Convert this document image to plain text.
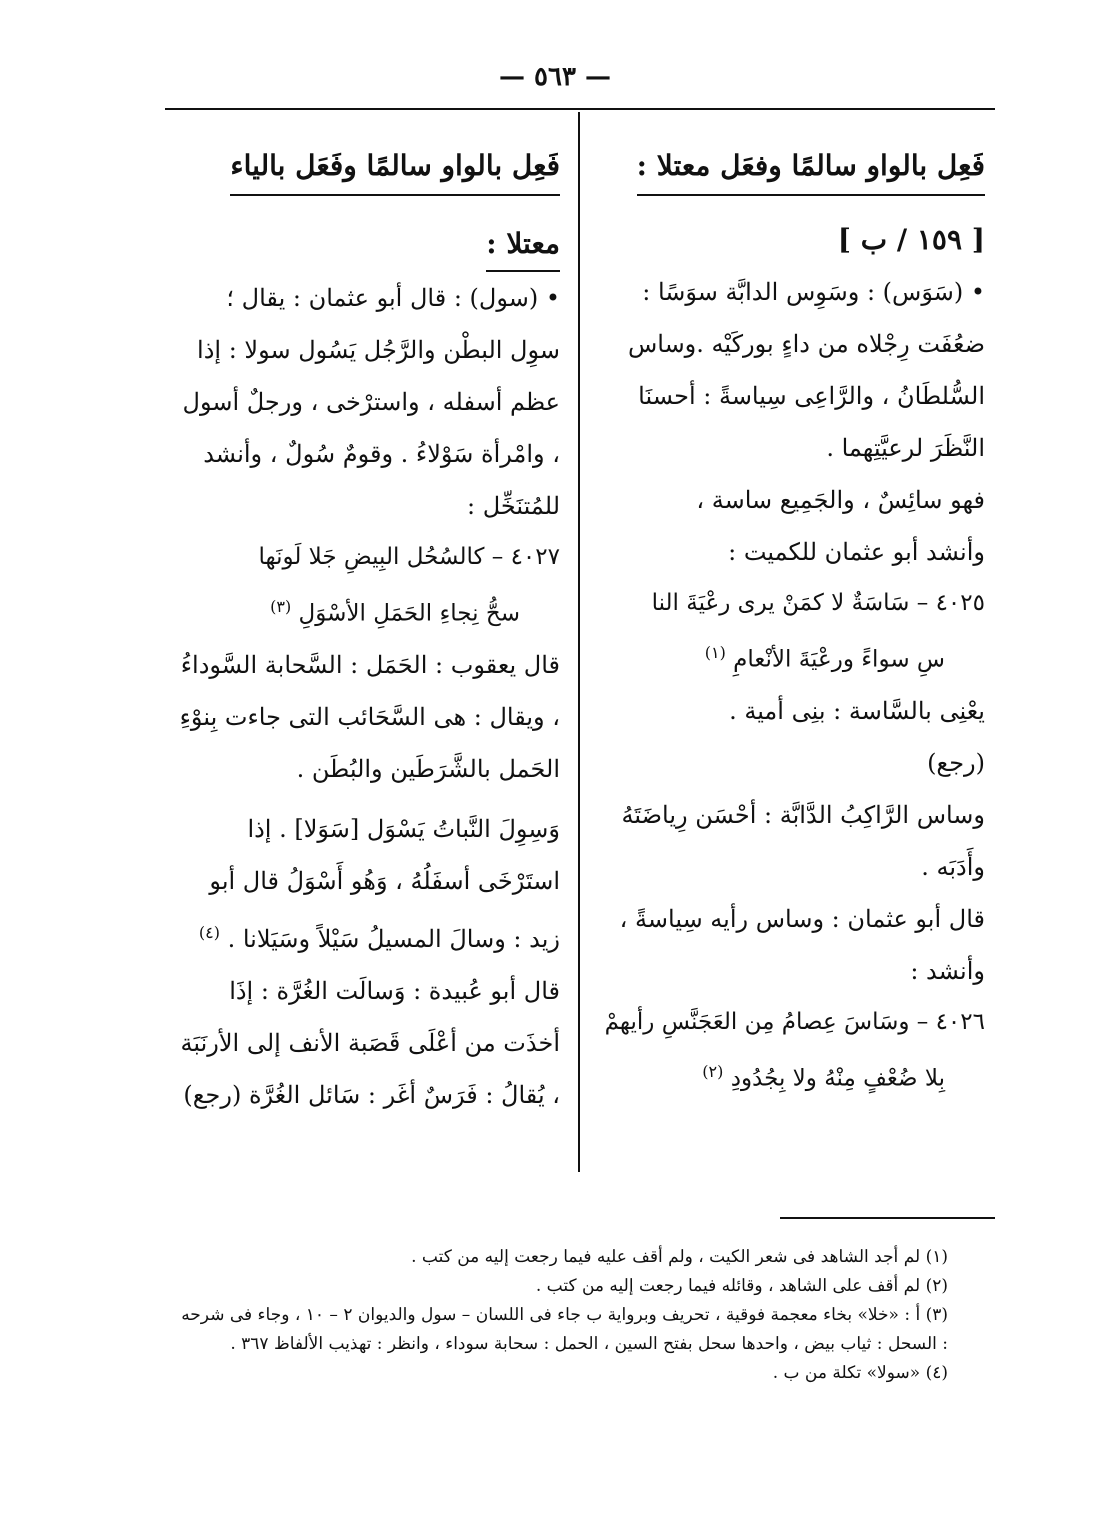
— ٥٦٣ —
فَعِل بالواو سالمًا وفعَل معتلا :
[ ١٥٩ / ب ]

• (سَوَس) : وسَوِس الدابَّة سوَسًا : ضعُفَت رِجْلاه من داءٍ بوركَيْه .وساس السُّلطَانُ ، والرَّاعِى سِياسةً : أحسنَا النَّظَرَ لرعيَّتِهما .

فهو سائِسٌ ، والجَمِيع ساسة ،

وأنشد أبو عثمان للكميت :

٤٠٢٥ – سَاسَةٌ لا كمَنْ يرى رعْيَةَ النا
سِ سواءً ورعْيَةَ الأنْعامِ $^{(١)}$

يعْنِى بالسَّاسة : بنِى أمية .

(رجع)

وساس الرَّاكِبُ الدَّابَّة : أحْسَن رِياضَتَهُ وأَدَبَه .

قال أبو عثمان : وساس رأيه سِياسةً ، وأنشد :

٤٠٢٦ – وسَاسَ عِصامُ مِن العَجَنَّسِ رأيهمْ
بِلا ضُعْفٍ مِنْهُ ولا بِجُدُودِ $^{(٢)}$
فَعِل بالواو سالمًا وفَعَل بالياء
معتلا :

• (سول) : قال أبو عثمان : يقال ؛ سوِل البطْن والرَّجُل يَسُول سولا : إذا عظم أسفله ، واسترْخى ، ورجلٌ أسول ، وامْرأة سَوْلاءُ . وقومٌ سُولٌ ، وأنشد للمُتنَخِّل :

٤٠٢٧ – كالسُحُل البِيضِ جَلا لَونَها
سحُّ نِجاءِ الحَمَلِ الأسْوَلِ $^{(٣)}$

قال يعقوب : الحَمَل : السَّحابة السَّوداءُ ، ويقال : هى السَّحَائب التى جاءت بِنوْءِ الحَمل بالشَّرَطَين والبُطَن .

وَسِوِلَ النَّباتُ يَسْوَل [سَوَلا] . إذا استَرْخَى أسفَلُهُ ، وَهُو أَسْوَلُ قال أبو زيد : وسالَ المسيلُ سَيْلاً وسَيَلانا . $^{(٤)}$

قال أبو عُبيدة : وَسالَت الغُرَّة : إذَا أخذَت من أعْلَى قَصَبة الأنف إلى الأرنَبَة ، يُقالُ : فَرَسٌ أغَر : سَائل الغُرَّة (رجع)

(١) لم أجد الشاهد فى شعر الكيت ، ولم أقف عليه فيما رجعت إليه من كتب .

(٢) لم أقف على الشاهد ، وقائله فيما رجعت إليه من كتب .

(٣) أ : «خلا» بخاء معجمة فوقية ، تحريف وبرواية ب جاء فى اللسان – سول والديوان ٢ – ١٠ ، وجاء فى شرحه : السحل : ثياب بيض ، واحدها سحل بفتح السين ، الحمل : سحابة سوداء ، وانظر : تهذيب الألفاظ ٣٦٧ .

(٤) «سولا» تكلة من ب .
